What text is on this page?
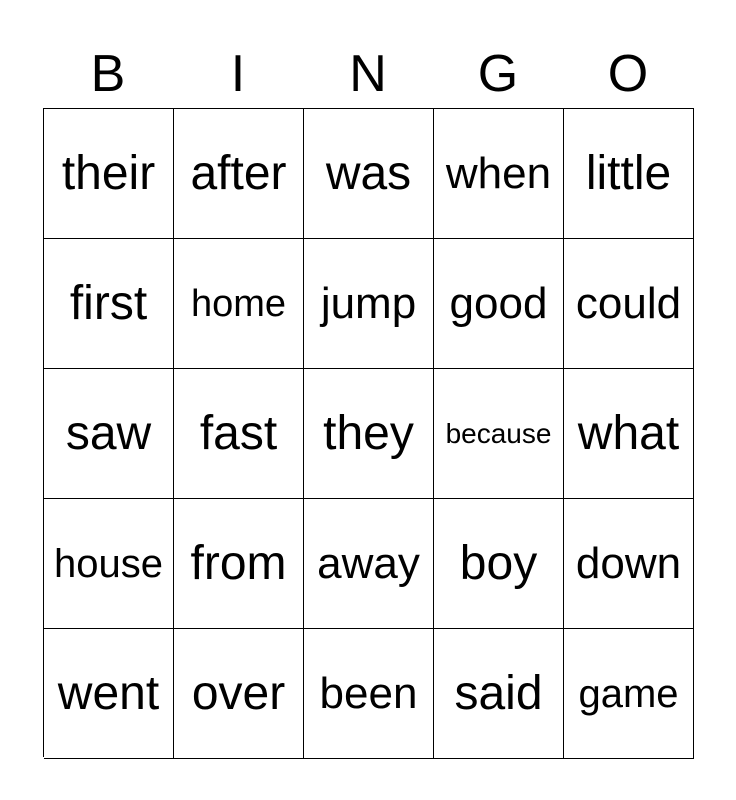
B	I	N	G	O
their after was when little
first	home jump good could
saw	fast they	because what
house from away boy down
went over been said game
